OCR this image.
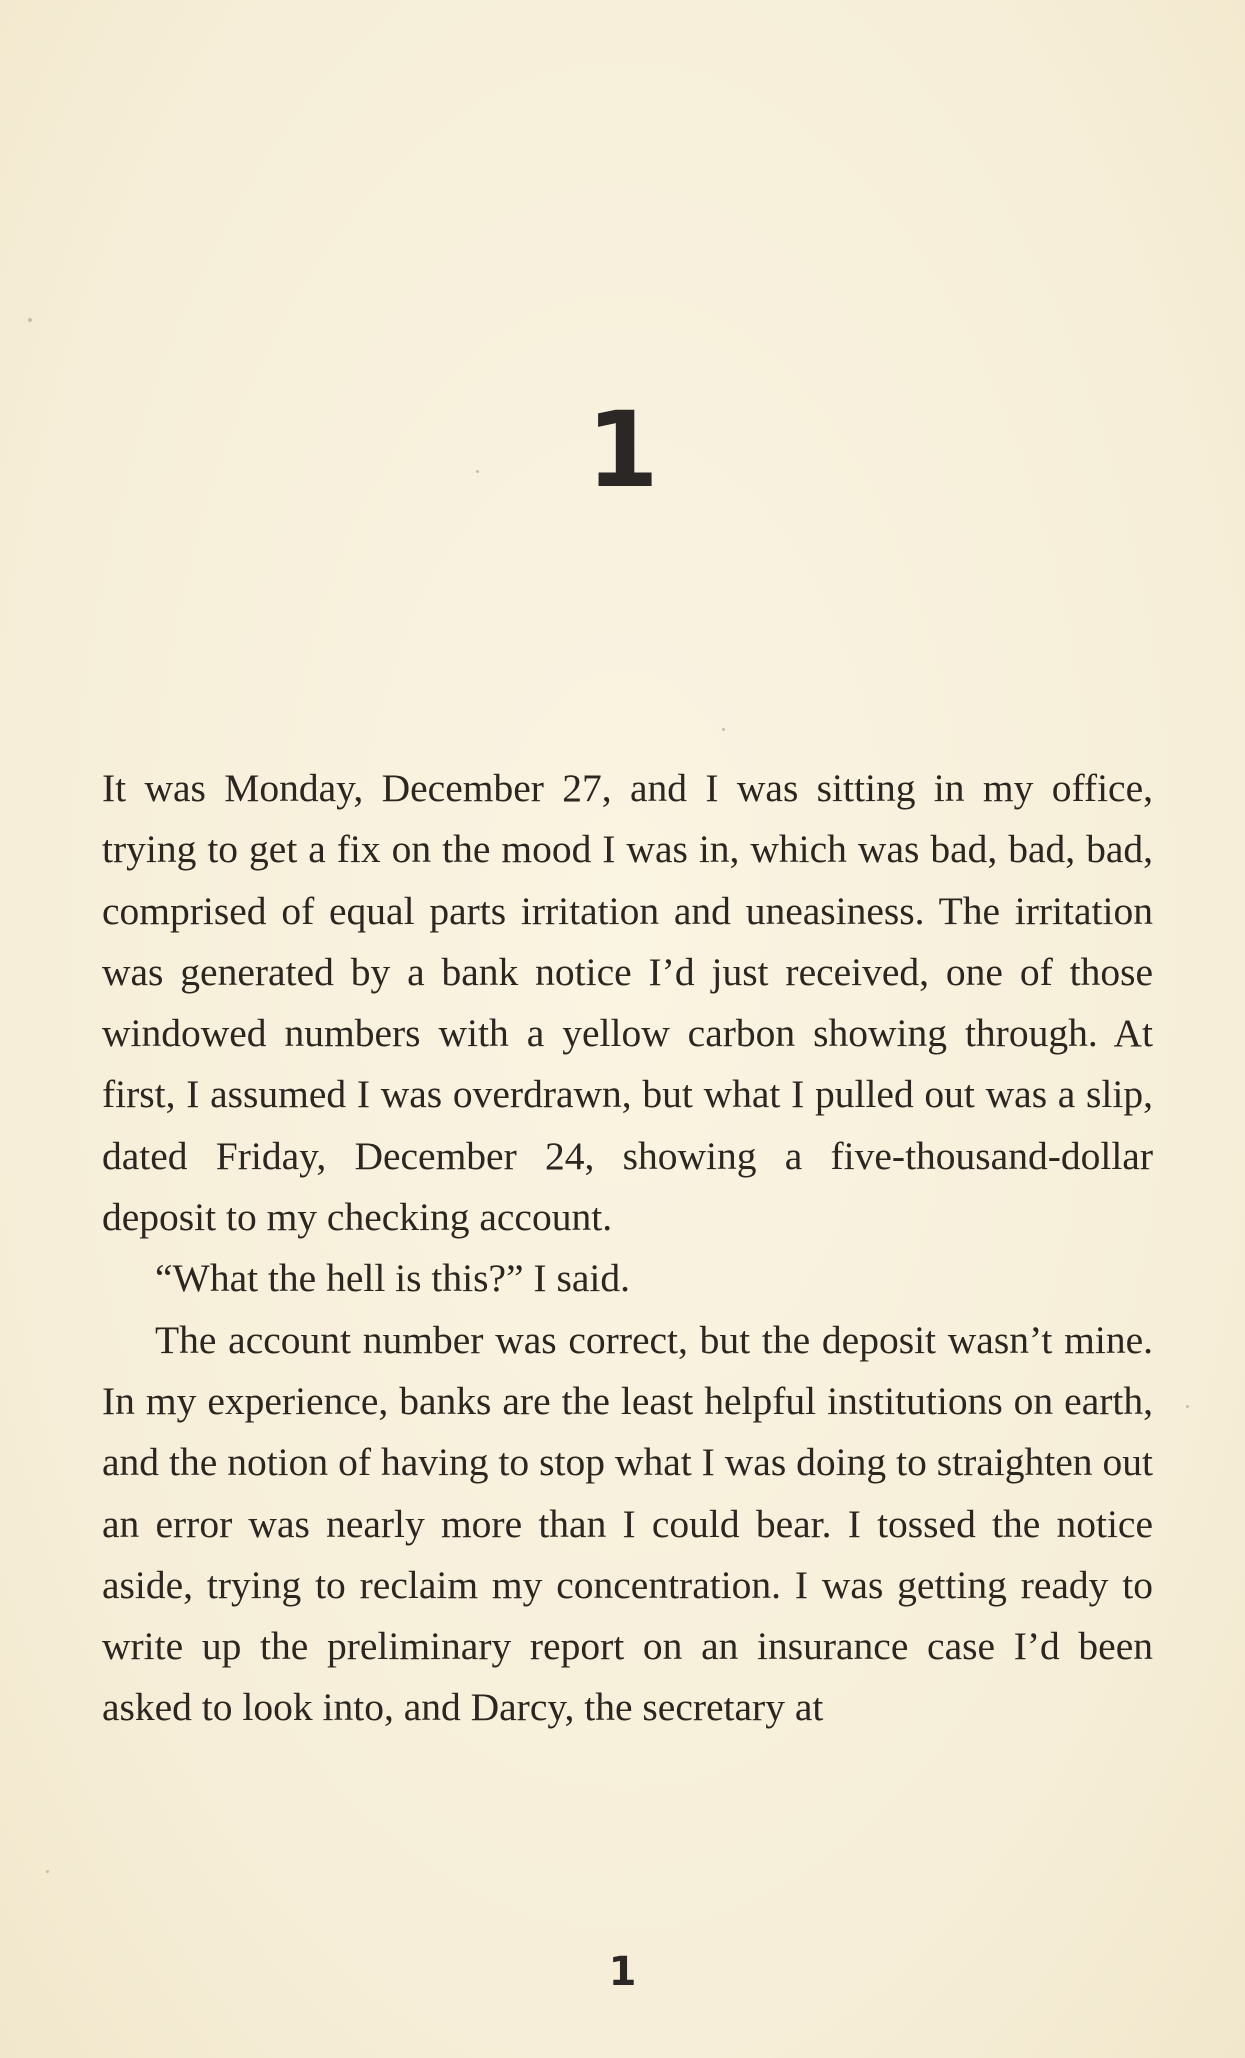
1

It was Monday, December 27, and I was sitting in my office, trying to get a fix on the mood I was in, which was bad, bad, bad, comprised of equal parts irritation and uneasiness. The irritation was generated by a bank notice I’d just received, one of those windowed numbers with a yellow carbon showing through. At first, I assumed I was overdrawn, but what I pulled out was a slip, dated Friday, December 24, showing a five-thousand-dollar deposit to my checking account.

“What the hell is this?” I said.

The account number was correct, but the deposit wasn’t mine. In my experience, banks are the least helpful institutions on earth, and the notion of having to stop what I was doing to straighten out an error was nearly more than I could bear. I tossed the notice aside, trying to reclaim my concentration. I was getting ready to write up the preliminary report on an insurance case I’d been asked to look into, and Darcy, the secretary at

1
